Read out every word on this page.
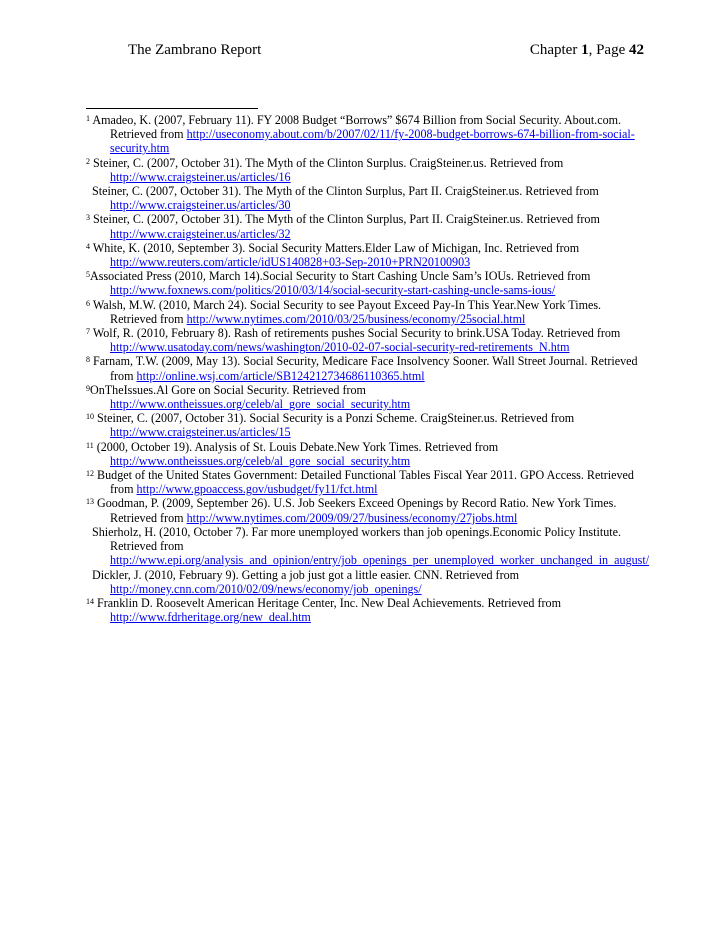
The Zambrano Report	Chapter 1, Page 42
$^1$ Amadeo, K. (2007, February 11). FY 2008 Budget “Borrows” $674 Billion from Social Security. About.com. Retrieved from http://useconomy.about.com/b/2007/02/11/fy-2008-budget-borrows-674-billion-from-social-security.htm
$^2$ Steiner, C. (2007, October 31). The Myth of the Clinton Surplus. CraigSteiner.us. Retrieved from http://www.craigsteiner.us/articles/16
Steiner, C. (2007, October 31). The Myth of the Clinton Surplus, Part II. CraigSteiner.us. Retrieved from http://www.craigsteiner.us/articles/30
$^3$ Steiner, C. (2007, October 31). The Myth of the Clinton Surplus, Part II. CraigSteiner.us. Retrieved from http://www.craigsteiner.us/articles/32
$^4$ White, K. (2010, September 3). Social Security Matters.Elder Law of Michigan, Inc. Retrieved from http://www.reuters.com/article/idUS140828+03-Sep-2010+PRN20100903
$^5$Associated Press (2010, March 14).Social Security to Start Cashing Uncle Sam’s IOUs. Retrieved from http://www.foxnews.com/politics/2010/03/14/social-security-start-cashing-uncle-sams-ious/
$^6$ Walsh, M.W. (2010, March 24). Social Security to see Payout Exceed Pay-In This Year.New York Times. Retrieved from http://www.nytimes.com/2010/03/25/business/economy/25social.html
$^7$ Wolf, R. (2010, February 8). Rash of retirements pushes Social Security to brink.USA Today. Retrieved from http://www.usatoday.com/news/washington/2010-02-07-social-security-red-retirements_N.htm
$^8$ Farnam, T.W. (2009, May 13). Social Security, Medicare Face Insolvency Sooner. Wall Street Journal. Retrieved from http://online.wsj.com/article/SB124212734686110365.html
$^9$OnTheIssues.Al Gore on Social Security. Retrieved from http://www.ontheissues.org/celeb/al_gore_social_security.htm
$^{10}$ Steiner, C. (2007, October 31). Social Security is a Ponzi Scheme. CraigSteiner.us. Retrieved from http://www.craigsteiner.us/articles/15
$^{11}$ (2000, October 19). Analysis of St. Louis Debate.New York Times. Retrieved from http://www.ontheissues.org/celeb/al_gore_social_security.htm
$^{12}$ Budget of the United States Government: Detailed Functional Tables Fiscal Year 2011. GPO Access. Retrieved from http://www.gpoaccess.gov/usbudget/fy11/fct.html
$^{13}$ Goodman, P. (2009, September 26). U.S. Job Seekers Exceed Openings by Record Ratio. New York Times. Retrieved from http://www.nytimes.com/2009/09/27/business/economy/27jobs.html
Shierholz, H. (2010, October 7). Far more unemployed workers than job openings.Economic Policy Institute. Retrieved from http://www.epi.org/analysis_and_opinion/entry/job_openings_per_unemployed_worker_unchanged_in_august/
Dickler, J. (2010, February 9). Getting a job just got a little easier. CNN. Retrieved from http://money.cnn.com/2010/02/09/news/economy/job_openings/
$^{14}$ Franklin D. Roosevelt American Heritage Center, Inc. New Deal Achievements. Retrieved from http://www.fdrheritage.org/new_deal.htm
